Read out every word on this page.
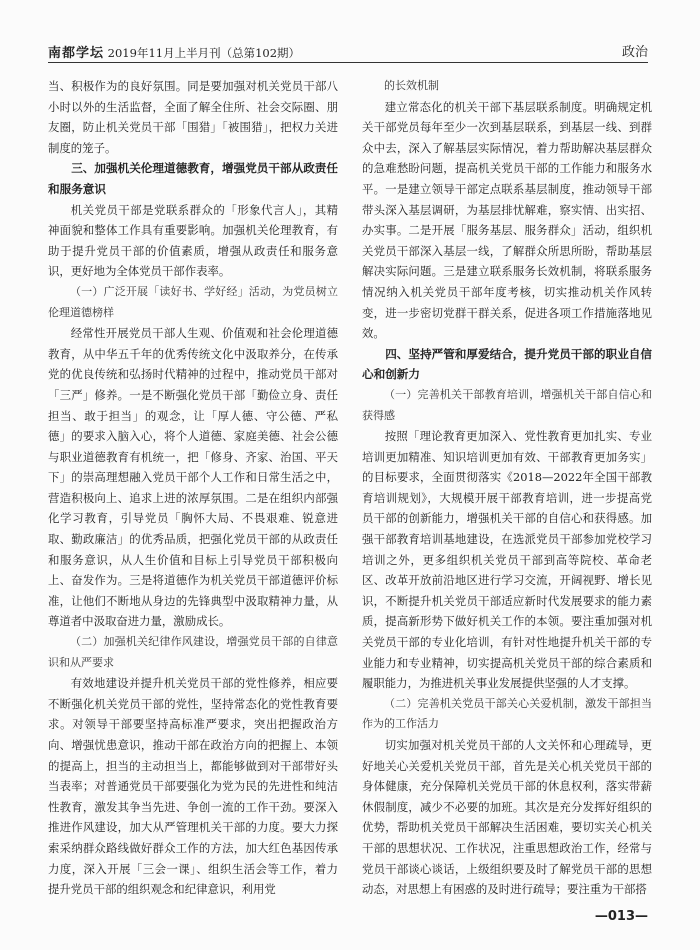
南都学坛 2019年11月上半月刊（总第102期）	政治

当、积极作为的良好氛围。同是要加强对机关党员干部八小时以外的生活监督，全面了解全住所、社会交际圈、朋友圈，防止机关党员干部「围猎」「被围猎」，把权力关进制度的笼子。

三、加强机关伦理道德教育，增强党员干部从政责任和服务意识

机关党员干部是党联系群众的「形象代言人」，其精神面貌和整体工作具有重要影响。加强机关伦理教育，有助于提升党员干部的价值素质，增强从政责任和服务意识，更好地为全体党员干部作表率。

（一）广泛开展「读好书、学好经」活动，为党员树立伦理道德榜样

经常性开展党员干部人生观、价值观和社会伦理道德教育，从中华五千年的优秀传统文化中汲取养分，在传承党的优良传统和弘扬时代精神的过程中，推动党员干部对「三严」修养。一是不断强化党员干部「勤俭立身、责任担当、敢于担当」的观念，让「厚人德、守公德、严私德」的要求入脑入心，将个人道德、家庭美德、社会公德与职业道德教育有机统一，把「修身、齐家、治国、平天下」的崇高理想融入党员干部个人工作和日常生活之中，营造积极向上、追求上进的浓厚氛围。二是在组织内部强化学习教育，引导党员「胸怀大局、不畏艰难、锐意进取、勤政廉洁」的优秀品质，把强化党员干部的从政责任和服务意识，从人生价值和目标上引导党员干部积极向上、奋发作为。三是将道德作为机关党员干部道德评价标准，让他们不断地从身边的先锋典型中汲取精神力量，从尊道者中汲取奋进力量，激励成长。

（二）加强机关纪律作风建设，增强党员干部的自律意识和从严要求

有效地建设并提升机关党员干部的党性修养，相应要不断强化机关党员干部的党性，坚持常态化的党性教育要求。对领导干部要坚持高标准严要求，突出把握政治方向、增强忧患意识，推动干部在政治方向的把握上、本领的提高上，担当的主动担当上，都能够做到对干部带好头当表率；对普通党员干部要强化为党为民的先进性和纯洁性教育，激发其争当先进、争创一流的工作干劲。要深入推进作风建设，加大从严管理机关干部的力度。要大力探索采纳群众路线做好群众工作的方法，加大红色基因传承力度，深入开展「三会一课」、组织生活会等工作，着力提升党员干部的组织观念和纪律意识，利用党

的长效机制

建立常态化的机关干部下基层联系制度。明确规定机关干部党员每年至少一次到基层联系，到基层一线、到群众中去，深入了解基层实际情况，着力帮助解决基层群众的急难愁盼问题，提高机关党员干部的工作能力和服务水平。一是建立领导干部定点联系基层制度，推动领导干部带头深入基层调研，为基层排忧解难，察实情、出实招、办实事。二是开展「服务基层、服务群众」活动，组织机关党员干部深入基层一线，了解群众所思所盼，帮助基层解决实际问题。三是建立联系服务长效机制，将联系服务情况纳入机关党员干部年度考核，切实推动机关作风转变，进一步密切党群干群关系，促进各项工作措施落地见效。

四、坚持严管和厚爱结合，提升党员干部的职业自信心和创新力

（一）完善机关干部教育培训，增强机关干部自信心和获得感

按照「理论教育更加深入、党性教育更加扎实、专业培训更加精准、知识培训更加有效、干部教育更加务实」的目标要求，全面贯彻落实《2018—2022年全国干部教育培训规划》，大规模开展干部教育培训，进一步提高党员干部的创新能力，增强机关干部的自信心和获得感。加强干部教育培训基地建设，在选派党员干部参加党校学习培训之外，更多组织机关党员干部到高等院校、革命老区、改革开放前沿地区进行学习交流，开阔视野、增长见识，不断提升机关党员干部适应新时代发展要求的能力素质，提高新形势下做好机关工作的本领。要注重加强对机关党员干部的专业化培训，有针对性地提升机关干部的专业能力和专业精神，切实提高机关党员干部的综合素质和履职能力，为推进机关事业发展提供坚强的人才支撑。

（二）完善机关党员干部关心关爱机制，激发干部担当作为的工作活力

切实加强对机关党员干部的人文关怀和心理疏导，更好地关心关爱机关党员干部，首先是关心机关党员干部的身体健康，充分保障机关党员干部的休息权利，落实带薪休假制度，减少不必要的加班。其次是充分发挥好组织的优势，帮助机关党员干部解决生活困难，要切实关心机关干部的思想状况、工作状况，注重思想政治工作，经常与党员干部谈心谈话，上级组织要及时了解党员干部的思想动态，对思想上有困惑的及时进行疏导；要注重为干部搭

—013—
